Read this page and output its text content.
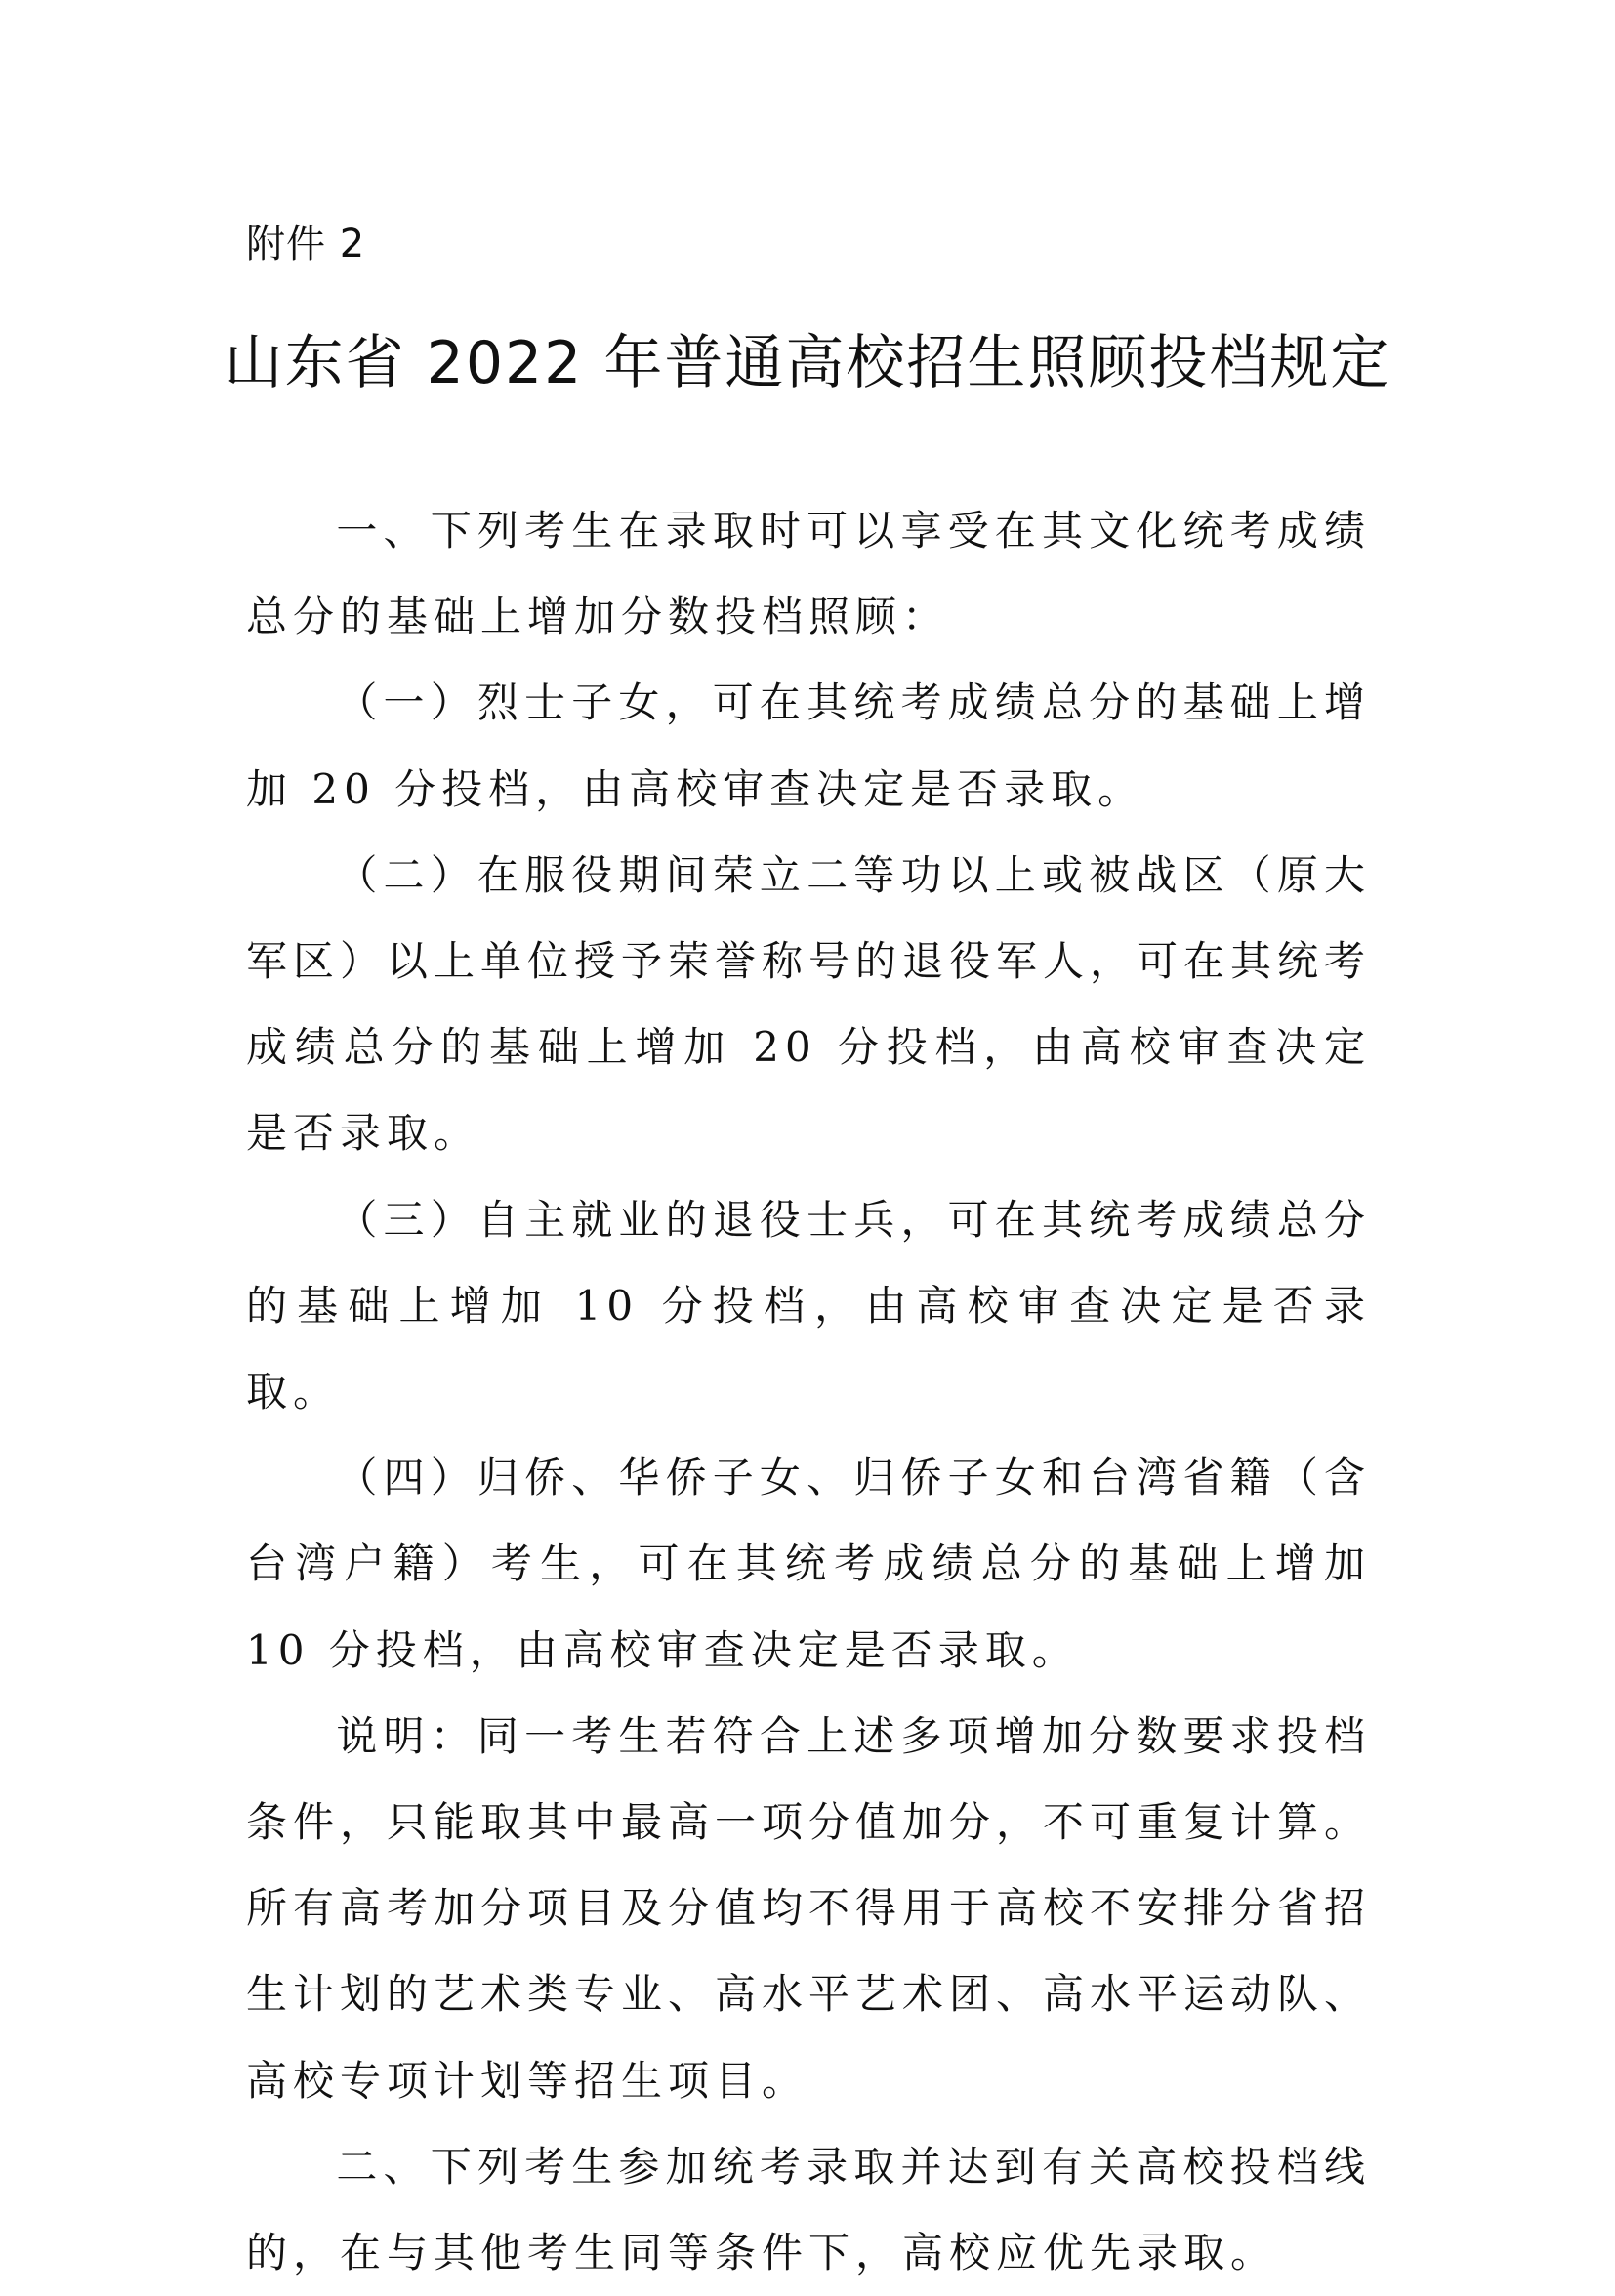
附件 2
山东省 2022 年普通高校招生照顾投档规定

一、下列考生在录取时可以享受在其文化统考成绩总分的基础上增加分数投档照顾：

（一）烈士子女，可在其统考成绩总分的基础上增加 20 分投档，由高校审查决定是否录取。

（二）在服役期间荣立二等功以上或被战区（原大军区）以上单位授予荣誉称号的退役军人，可在其统考成绩总分的基础上增加 20 分投档，由高校审查决定是否录取。

（三）自主就业的退役士兵，可在其统考成绩总分的基础上增加 10 分投档，由高校审查决定是否录取。

（四）归侨、华侨子女、归侨子女和台湾省籍（含台湾户籍）考生，可在其统考成绩总分的基础上增加 10 分投档，由高校审查决定是否录取。

说明：同一考生若符合上述多项增加分数要求投档条件，只能取其中最高一项分值加分，不可重复计算。所有高考加分项目及分值均不得用于高校不安排分省招生计划的艺术类专业、高水平艺术团、高水平运动队、高校专项计划等招生项目。

二、下列考生参加统考录取并达到有关高校投档线的，在与其他考生同等条件下，高校应优先录取。
